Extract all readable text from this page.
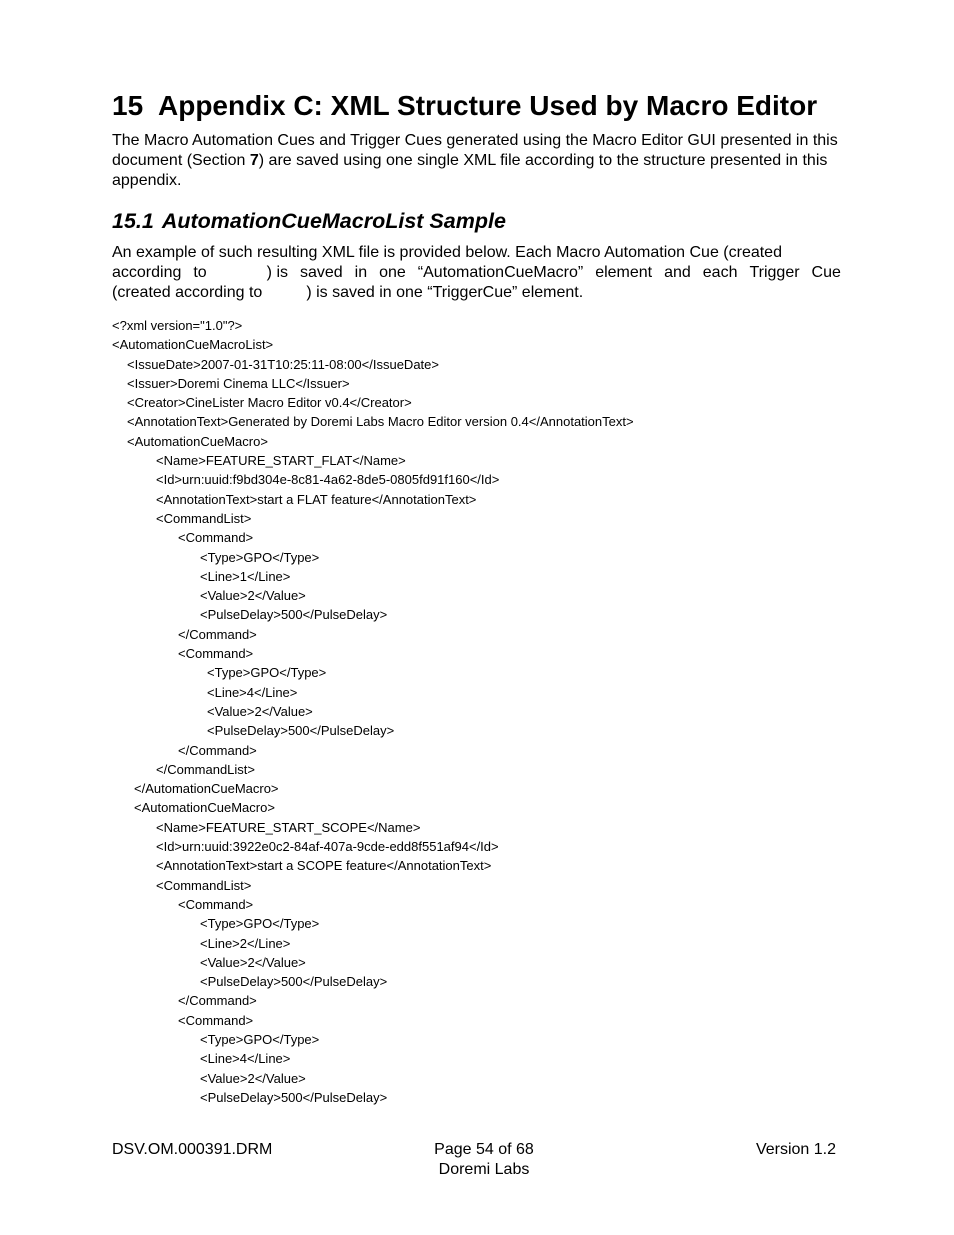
15 Appendix C: XML Structure Used by Macro Editor

The Macro Automation Cues and Trigger Cues generated using the Macro Editor GUI presented in this document (Section 7) are saved using one single XML file according to the structure presented in this appendix.

15.1 AutomationCueMacroList Sample
An example of such resulting XML file is provided below. Each Macro Automation Cue (created
according to	) is saved in one “AutomationCueMacro” element and each Trigger Cue
(created according to	) is saved in one “TriggerCue” element.
<?xml version="1.0"?>
<AutomationCueMacroList>
<IssueDate>2007-01-31T10:25:11-08:00</IssueDate>
<Issuer>Doremi Cinema LLC</Issuer>
<Creator>CineLister Macro Editor v0.4</Creator>
<AnnotationText>Generated by Doremi Labs Macro Editor version 0.4</AnnotationText>
<AutomationCueMacro>
<Name>FEATURE_START_FLAT</Name>
<Id>urn:uuid:f9bd304e-8c81-4a62-8de5-0805fd91f160</Id>
<AnnotationText>start a FLAT feature</AnnotationText>
<CommandList>
<Command>
<Type>GPO</Type>
<Line>1</Line>
<Value>2</Value>
<PulseDelay>500</PulseDelay>
</Command>
<Command>
<Type>GPO</Type>
<Line>4</Line>
<Value>2</Value>
<PulseDelay>500</PulseDelay>
</Command>
</CommandList>
</AutomationCueMacro>
<AutomationCueMacro>
<Name>FEATURE_START_SCOPE</Name>
<Id>urn:uuid:3922e0c2-84af-407a-9cde-edd8f551af94</Id>
<AnnotationText>start a SCOPE feature</AnnotationText>
<CommandList>
<Command>
<Type>GPO</Type>
<Line>2</Line>
<Value>2</Value>
<PulseDelay>500</PulseDelay>
</Command>
<Command>
<Type>GPO</Type>
<Line>4</Line>
<Value>2</Value>
<PulseDelay>500</PulseDelay>
DSV.OM.000391.DRM	Page 54 of 68
Doremi Labs
Version 1.2
